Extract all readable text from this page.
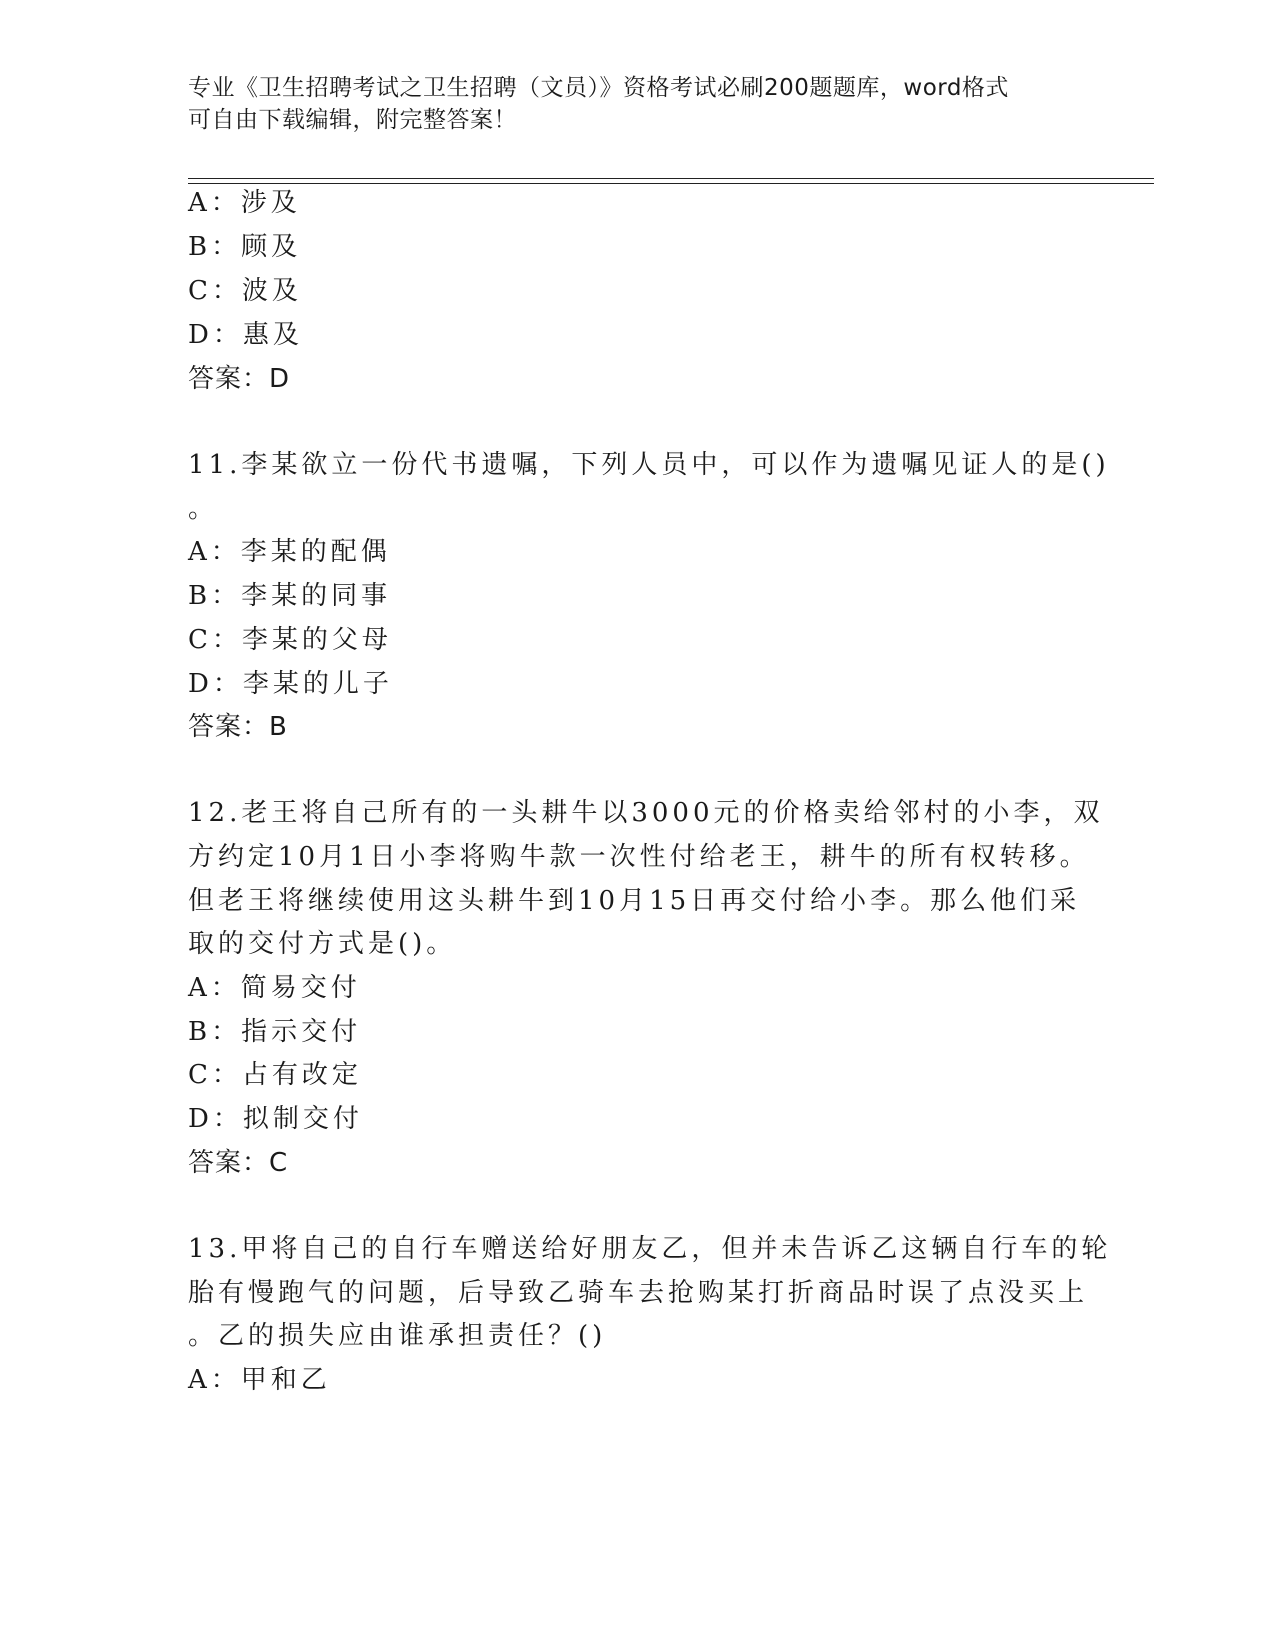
专业《卫生招聘考试之卫生招聘（文员）》资格考试必刷200题题库，word格式
可自由下载编辑，附完整答案！
A：涉及
B：顾及
C：波及
D：惠及
答案：D
11.李某欲立一份代书遗嘱，下列人员中，可以作为遗嘱见证人的是()
。
A：李某的配偶
B：李某的同事
C：李某的父母
D：李某的儿子
答案：B
12.老王将自己所有的一头耕牛以3000元的价格卖给邻村的小李，双
方约定10月1日小李将购牛款一次性付给老王，耕牛的所有权转移。
但老王将继续使用这头耕牛到10月15日再交付给小李。那么他们采
取的交付方式是()。
A：简易交付
B：指示交付
C：占有改定
D：拟制交付
答案：C
13.甲将自己的自行车赠送给好朋友乙，但并未告诉乙这辆自行车的轮
胎有慢跑气的问题，后导致乙骑车去抢购某打折商品时误了点没买上
。乙的损失应由谁承担责任？()
A：甲和乙
